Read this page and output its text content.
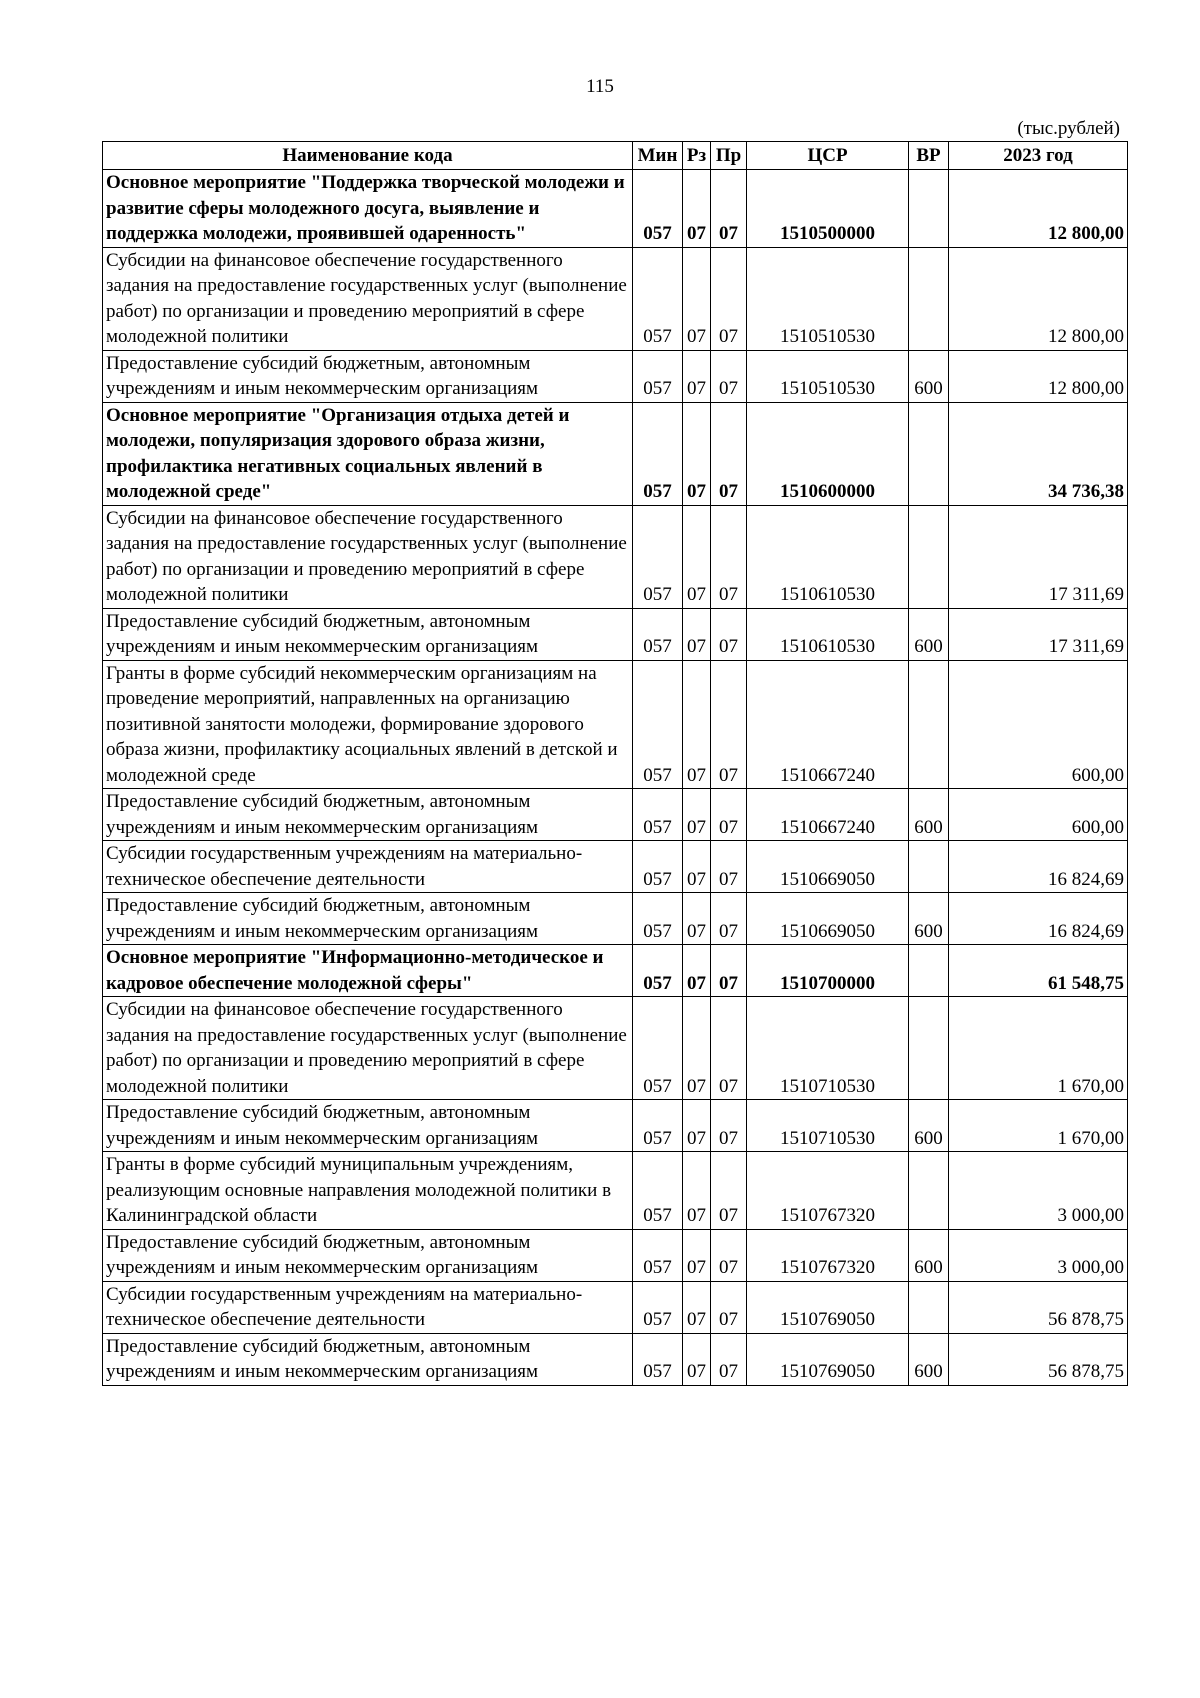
115
(тыс.рублей)
Наименование кода	Мин	Рз	Пр	ЦСР	ВР	2023 год
Основное мероприятие "Поддержка творческой молодежи и развитие сферы молодежного досуга, выявление и поддержка молодежи, проявившей одаренность"	057	07	07	1510500000		12 800,00
Субсидии на финансовое обеспечение государственного задания на предоставление государственных услуг (выполнение работ) по организации и проведению мероприятий в сфере молодежной политики	057	07	07	1510510530		12 800,00
Предоставление субсидий бюджетным, автономным учреждениям и иным некоммерческим организациям	057	07	07	1510510530	600	12 800,00
Основное мероприятие "Организация отдыха детей и молодежи, популяризация здорового образа жизни, профилактика негативных социальных явлений в молодежной среде"	057	07	07	1510600000		34 736,38
Субсидии на финансовое обеспечение государственного задания на предоставление государственных услуг (выполнение работ) по организации и проведению мероприятий в сфере молодежной политики	057	07	07	1510610530		17 311,69
Предоставление субсидий бюджетным, автономным учреждениям и иным некоммерческим организациям	057	07	07	1510610530	600	17 311,69
Гранты в форме субсидий некоммерческим организациям на проведение мероприятий, направленных на организацию позитивной занятости молодежи, формирование здорового образа жизни, профилактику асоциальных явлений в детской и молодежной среде	057	07	07	1510667240		600,00
Предоставление субсидий бюджетным, автономным учреждениям и иным некоммерческим организациям	057	07	07	1510667240	600	600,00
Субсидии государственным учреждениям на материально-техническое обеспечение деятельности	057	07	07	1510669050		16 824,69
Предоставление субсидий бюджетным, автономным учреждениям и иным некоммерческим организациям	057	07	07	1510669050	600	16 824,69
Основное мероприятие "Информационно-методическое и кадровое обеспечение молодежной сферы"	057	07	07	1510700000		61 548,75
Субсидии на финансовое обеспечение государственного задания на предоставление государственных услуг (выполнение работ) по организации и проведению мероприятий в сфере молодежной политики	057	07	07	1510710530		1 670,00
Предоставление субсидий бюджетным, автономным учреждениям и иным некоммерческим организациям	057	07	07	1510710530	600	1 670,00
Гранты в форме субсидий муниципальным учреждениям, реализующим основные направления молодежной политики в Калининградской области	057	07	07	1510767320		3 000,00
Предоставление субсидий бюджетным, автономным учреждениям и иным некоммерческим организациям	057	07	07	1510767320	600	3 000,00
Субсидии государственным учреждениям на материально-техническое обеспечение деятельности	057	07	07	1510769050		56 878,75
Предоставление субсидий бюджетным, автономным учреждениям и иным некоммерческим организациям	057	07	07	1510769050	600	56 878,75
